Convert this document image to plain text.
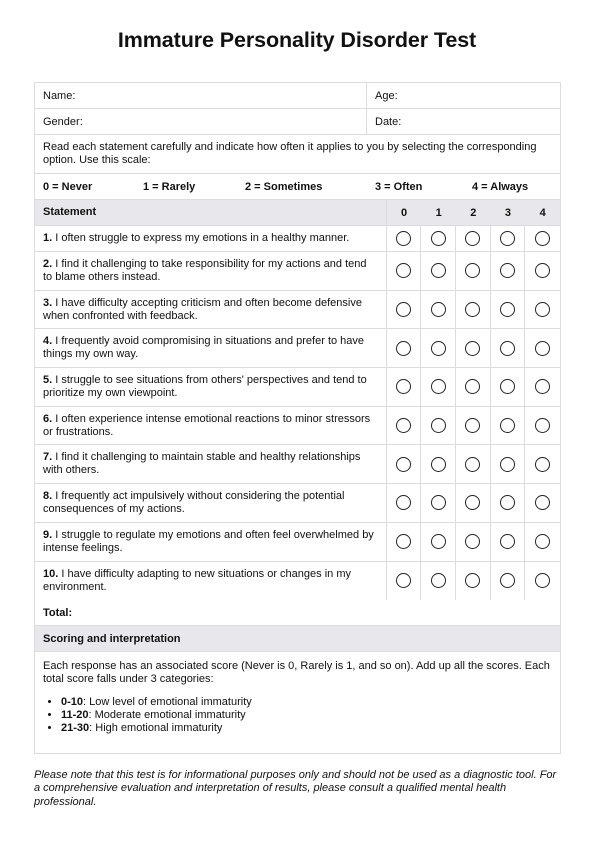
Immature Personality Disorder Test
Name:	Age:
Gender:	Date:
Read each statement carefully and indicate how often it applies to you by selecting the corresponding option. Use this scale:
0 = Never	1 = Rarely	2 = Sometimes	3 = Often	4 = Always
Statement	0	1	2	3	4
1. I often struggle to express my emotions in a healthy manner.
2. I find it challenging to take responsibility for my actions and tend to blame others instead.
3. I have difficulty accepting criticism and often become defensive when confronted with feedback.
4. I frequently avoid compromising in situations and prefer to have things my own way.
5. I struggle to see situations from others' perspectives and tend to prioritize my own viewpoint.
6. I often experience intense emotional reactions to minor stressors or frustrations.
7. I find it challenging to maintain stable and healthy relationships with others.
8. I frequently act impulsively without considering the potential consequences of my actions.
9. I struggle to regulate my emotions and often feel overwhelmed by intense feelings.
10. I have difficulty adapting to new situations or changes in my environment.
Total:
Scoring and interpretation
Each response has an associated score (Never is 0, Rarely is 1, and so on). Add up all the scores. Each total score falls under 3 categories:
• 0-10: Low level of emotional immaturity
• 11-20: Moderate emotional immaturity
• 21-30: High emotional immaturity
Please note that this test is for informational purposes only and should not be used as a diagnostic tool. For a comprehensive evaluation and interpretation of results, please consult a qualified mental health professional.
